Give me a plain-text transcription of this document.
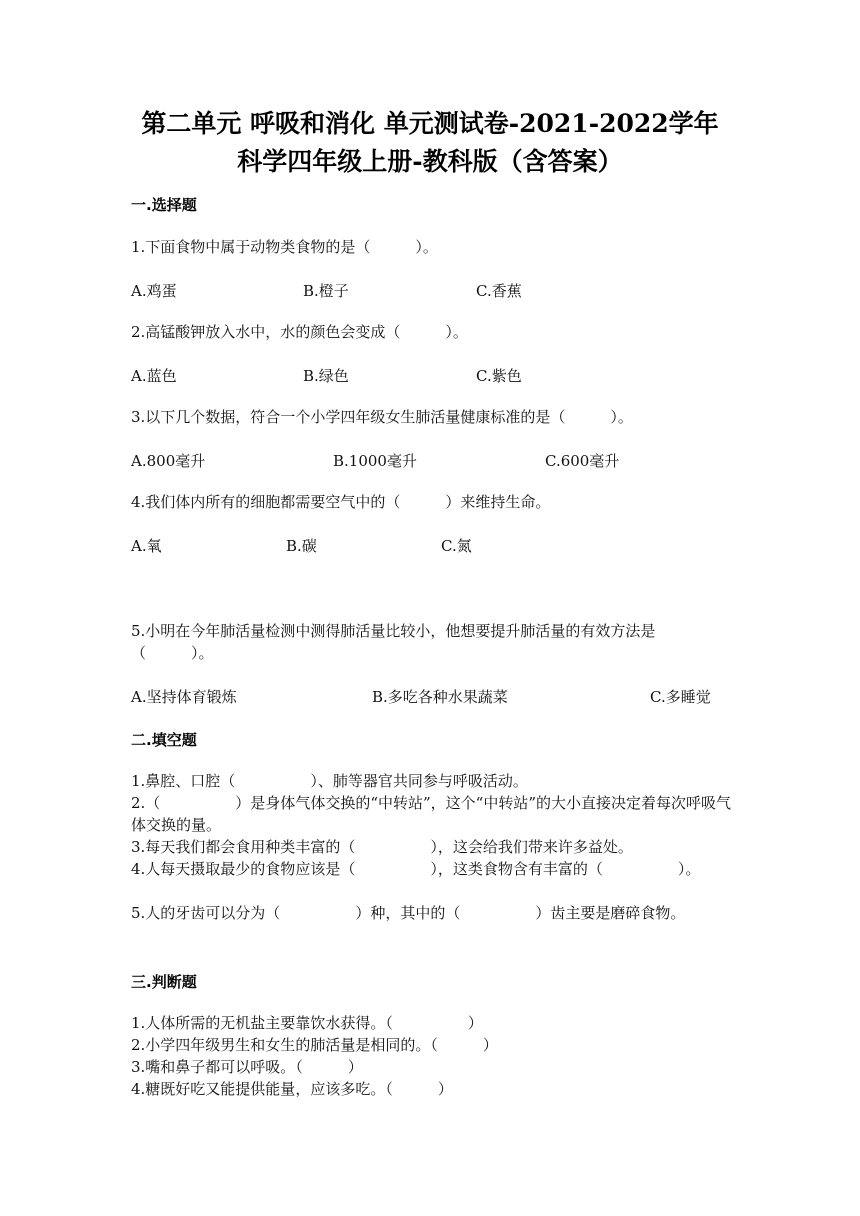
第二单元 呼吸和消化 单元测试卷-2021-2022学年
科学四年级上册-教科版（含答案）
一.选择题
1.下面食物中属于动物类食物的是（　　　）。
A.鸡蛋	B.橙子	C.香蕉
2.高锰酸钾放入水中，水的颜色会变成（　　　）。
A.蓝色	B.绿色	C.紫色
3.以下几个数据，符合一个小学四年级女生肺活量健康标准的是（　　　）。
A.800毫升	B.1000毫升	C.600毫升
4.我们体内所有的细胞都需要空气中的（　　　）来维持生命。
A.氧	B.碳	C.氮
5.小明在今年肺活量检测中测得肺活量比较小，他想要提升肺活量的有效方法是（　　　）。
A.坚持体育锻炼	B.多吃各种水果蔬菜	C.多睡觉
二.填空题
1.鼻腔、口腔（　　　　　）、肺等器官共同参与呼吸活动。
2.（　　　　　）是身体气体交换的“中转站”，这个“中转站”的大小直接决定着每次呼吸气体交换的量。
3.每天我们都会食用种类丰富的（　　　　　），这会给我们带来许多益处。
4.人每天摄取最少的食物应该是（　　　　　），这类食物含有丰富的（　　　　　）。
5.人的牙齿可以分为（　　　　　）种，其中的（　　　　　）齿主要是磨碎食物。
三.判断题
1.人体所需的无机盐主要靠饮水获得。（　　　　　）
2.小学四年级男生和女生的肺活量是相同的。（　　　）
3.嘴和鼻子都可以呼吸。（　　　）
4.糖既好吃又能提供能量，应该多吃。（　　　）
